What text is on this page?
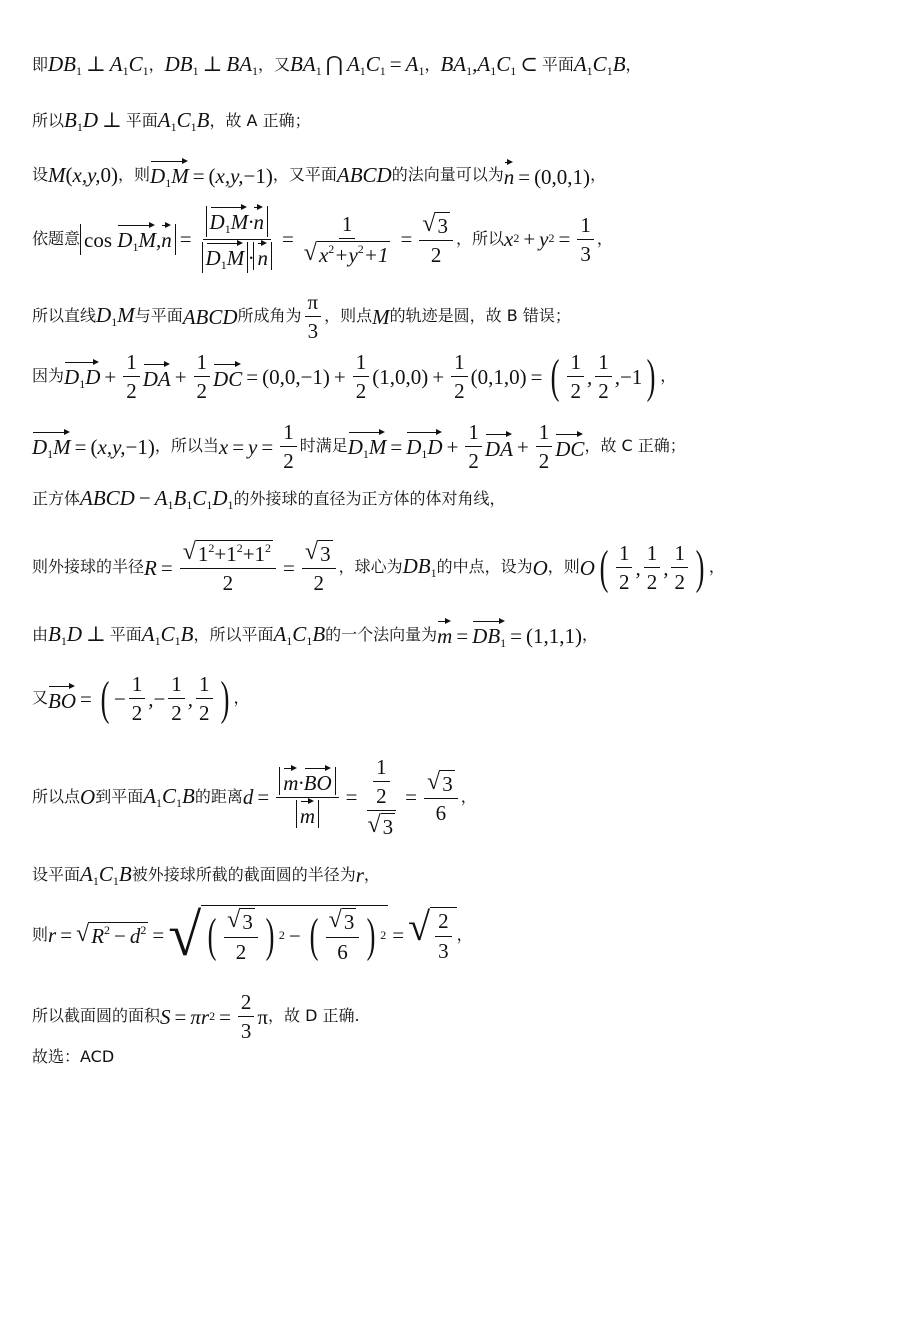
即 $DB_1$ ⊥ $A_1C_1$ ， $DB_1$ ⊥ $BA_1$ ，又 $BA_1$ ⋂ $A_1C_1 = A_1$ ， $BA_1,A_1C_1$ ⊂ 平面 $A_1C_1B$ ，
所以 $B_1D$ ⊥ 平面 $A_1C_1B$ ，故 A 正确；
设 M(x,y,0) ，则 $D_1M = (x,y,-1)$ ，又平面 ABCD 的法向量可以为 n = (0,0,1) ，
依题意 $\cos D_1M,n = \frac{D_1M\cdot n}{D_1M \cdot n} = \frac{1}{√ x^2+y^2+1} = \frac{√ 3}{2}$ ，所以 x 2 + y $2 = \frac{1}{3}$ ，
所以直线 $D_1M$ 与平面 ABCD 所成角为 $\frac{\pi}{3}$ ，则点 M 的轨迹是圆，故 B 错误；
因为 $D_1D + \frac{1}{2}$ DA + $\frac{1}{2}$ DC = $(0,0,-1) + \frac{1}{2} (1,0,0) + \frac{1}{2} (0,1,0)$ = ( $\frac{1}{2}$ , $\frac{1}{2}$ , −1 ) ，
$D_1M = (x,y,-1)$ ，所以当 $x = y = \frac{1}{2}$ 时满足 $D_1M = D_1D + \frac{1}{2}$ DA + $\frac{1}{2}$ DC ，故 C 正确；
正方体 ABCD − $A_1B_1C_1D_1$ 的外接球的直径为正方体的体对角线，
则外接球的半径 $R = \frac{√ 1^2+1^2+1^2}{2} = \frac{√ 3}{2}$ ，球心为 $DB_1$ 的中点，设为 O ，则 O ( $\frac{1}{2}$ , $\frac{1}{2}$ , $\frac{1}{2}$ ) ，
由 $B_1D$ ⊥ 平面 $A_1C_1B$ ，所以平面 $A_1C_1B$ 的一个法向量为 $m = DB_1 = (1,1,1)$ ，
又 BO = ( − $\frac{1}{2}$ , − $\frac{1}{2}$ , $\frac{1}{2}$ ) ，
所以点 O 到平面 $A_1C_1B$ 的距离 $d = \frac{m\cdot BO}{m} = \frac{\frac{1}{2}}{√ 3} = \frac{√ 3}{6}$ ，
设平面 $A_1C_1B$ 被外接球所截的截面圆的半径为 r ，
则 r = √ $R^2 - d^2$ = √ ( $\frac{√ 3}{2}$ ) 2 − ( $\frac{√ 3}{6}$ ) 2 = √ $\frac{2}{3}$ ，
所以截面圆的面积 S = πr $2 = \frac{2}{3}$ π ，故 D 正确.
故选：ACD
